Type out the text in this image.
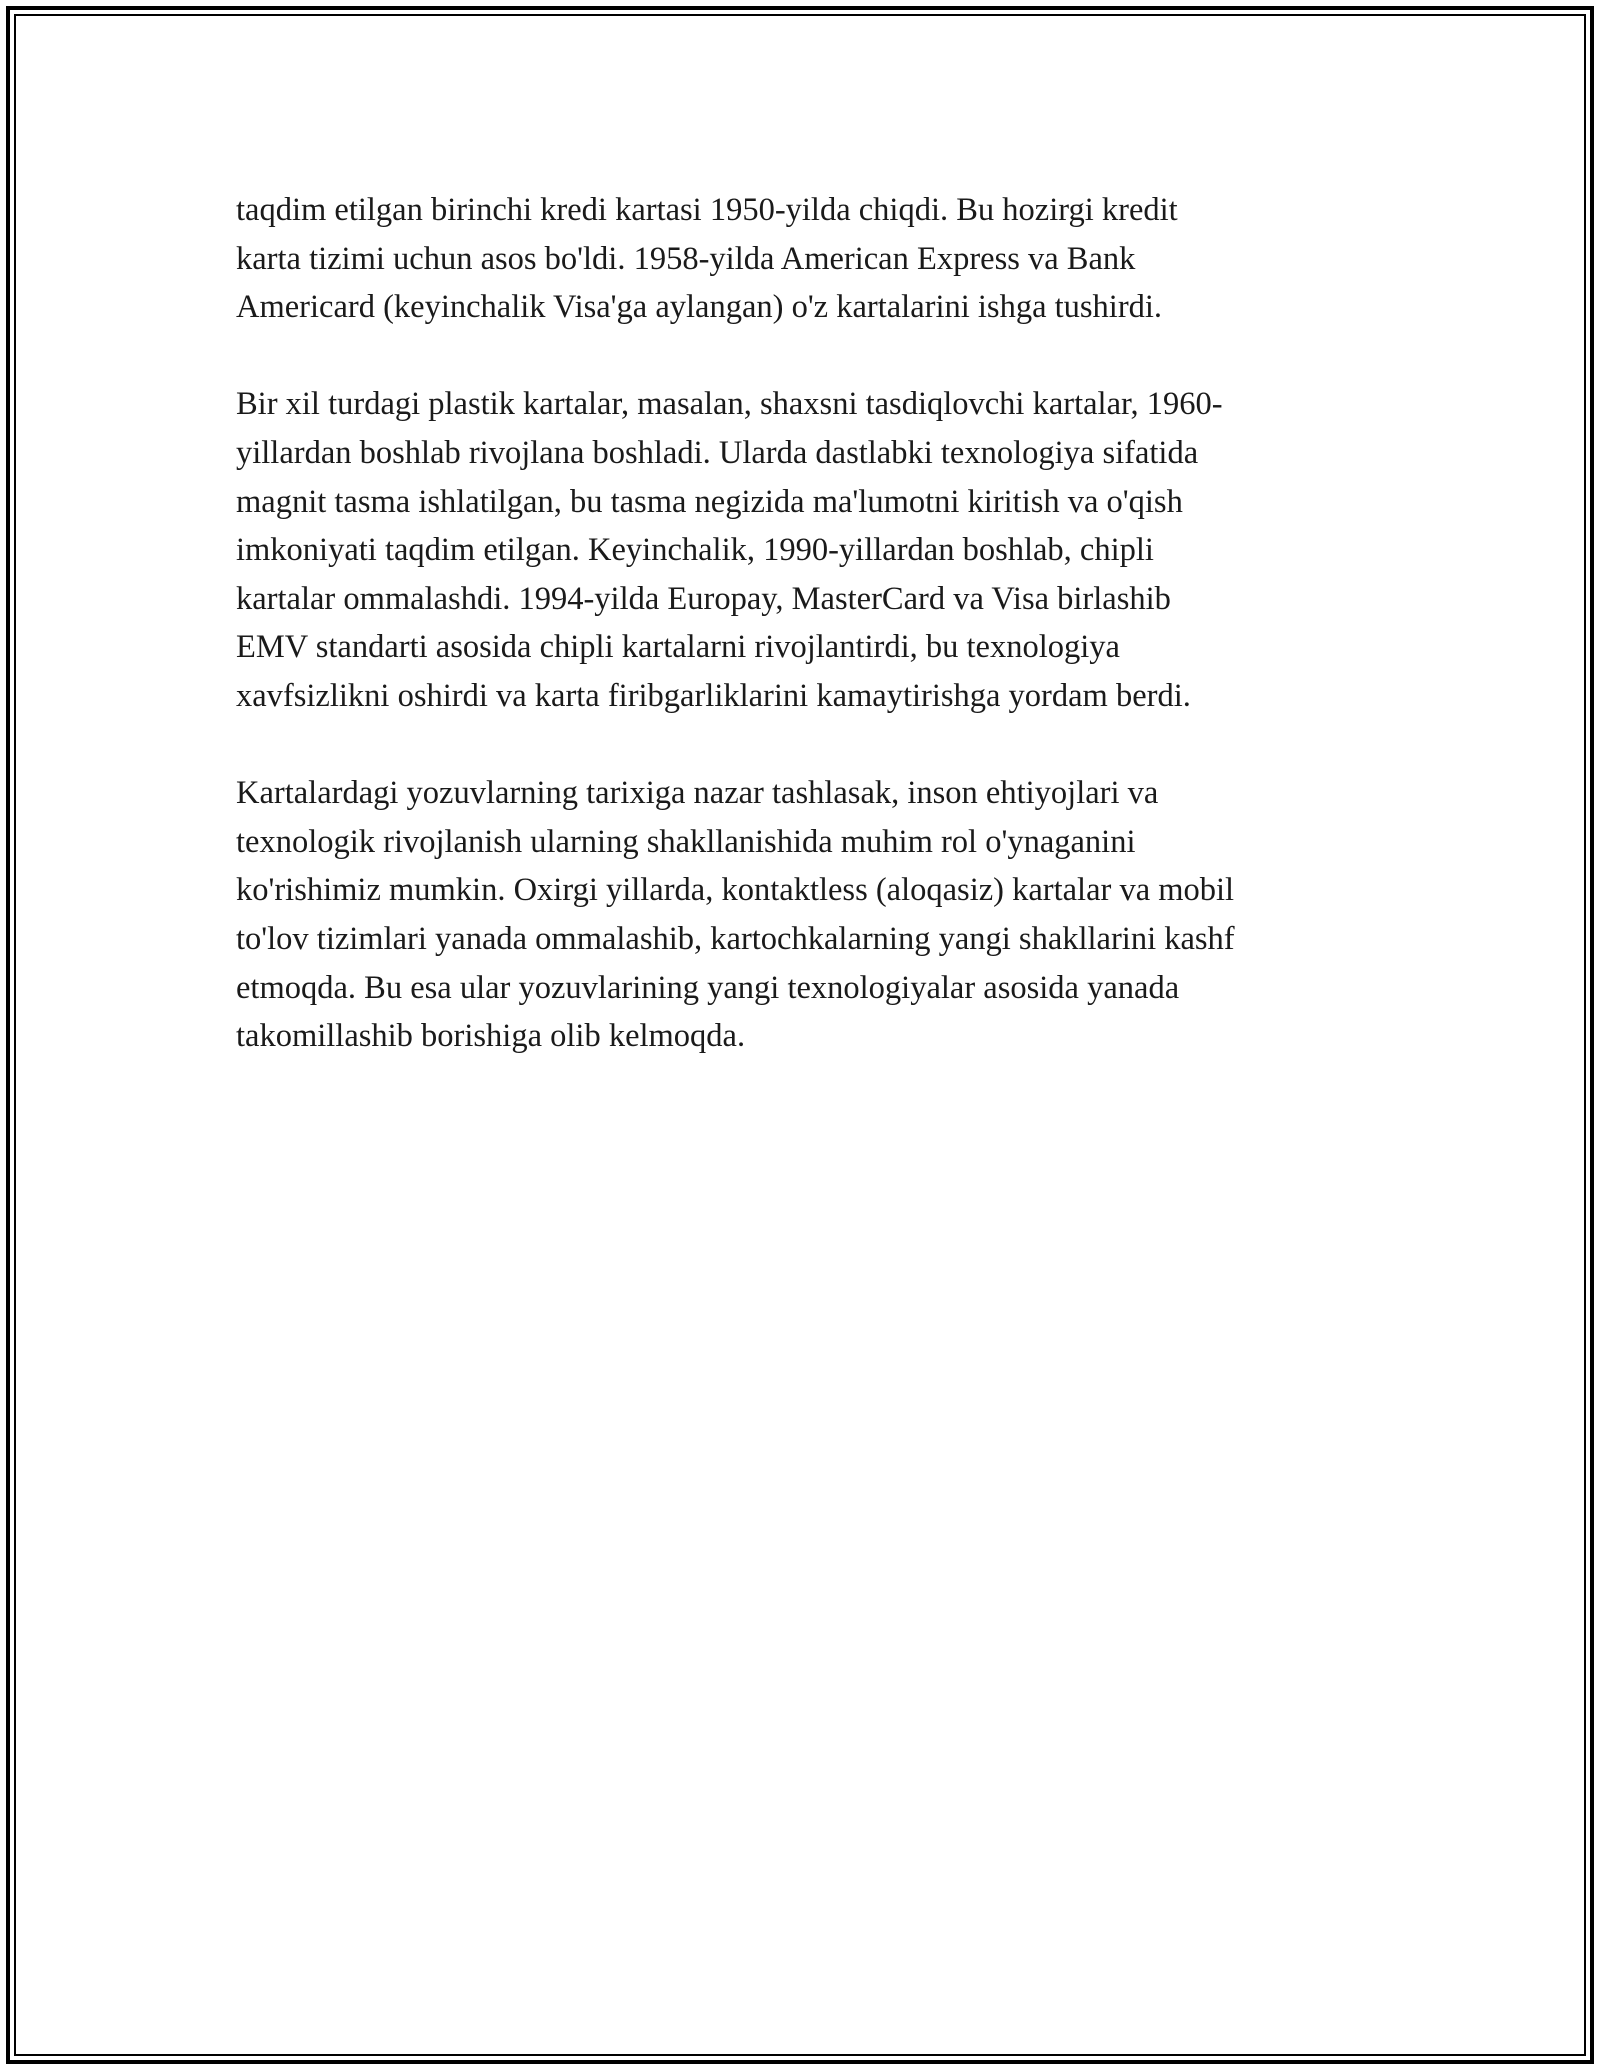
taqdim etilgan birinchi kredi kartasi 1950-yilda chiqdi. Bu hozirgi kredit
karta tizimi uchun asos bo'ldi. 1958-yilda American Express va Bank
Americard (keyinchalik Visa'ga aylangan) o'z kartalarini ishga tushirdi.

Bir xil turdagi plastik kartalar, masalan, shaxsni tasdiqlovchi kartalar, 1960-
yillardan boshlab rivojlana boshladi. Ularda dastlabki texnologiya sifatida
magnit tasma ishlatilgan, bu tasma negizida ma'lumotni kiritish va o'qish
imkoniyati taqdim etilgan. Keyinchalik, 1990-yillardan boshlab, chipli
kartalar ommalashdi. 1994-yilda Europay, MasterCard va Visa birlashib
EMV standarti asosida chipli kartalarni rivojlantirdi, bu texnologiya
xavfsizlikni oshirdi va karta firibgarliklarini kamaytirishga yordam berdi.

Kartalardagi yozuvlarning tarixiga nazar tashlasak, inson ehtiyojlari va
texnologik rivojlanish ularning shakllanishida muhim rol o'ynaganini
ko'rishimiz mumkin. Oxirgi yillarda, kontaktless (aloqasiz) kartalar va mobil
to'lov tizimlari yanada ommalashib, kartochkalarning yangi shakllarini kashf
etmoqda. Bu esa ular yozuvlarining yangi texnologiyalar asosida yanada
takomillashib borishiga olib kelmoqda.
